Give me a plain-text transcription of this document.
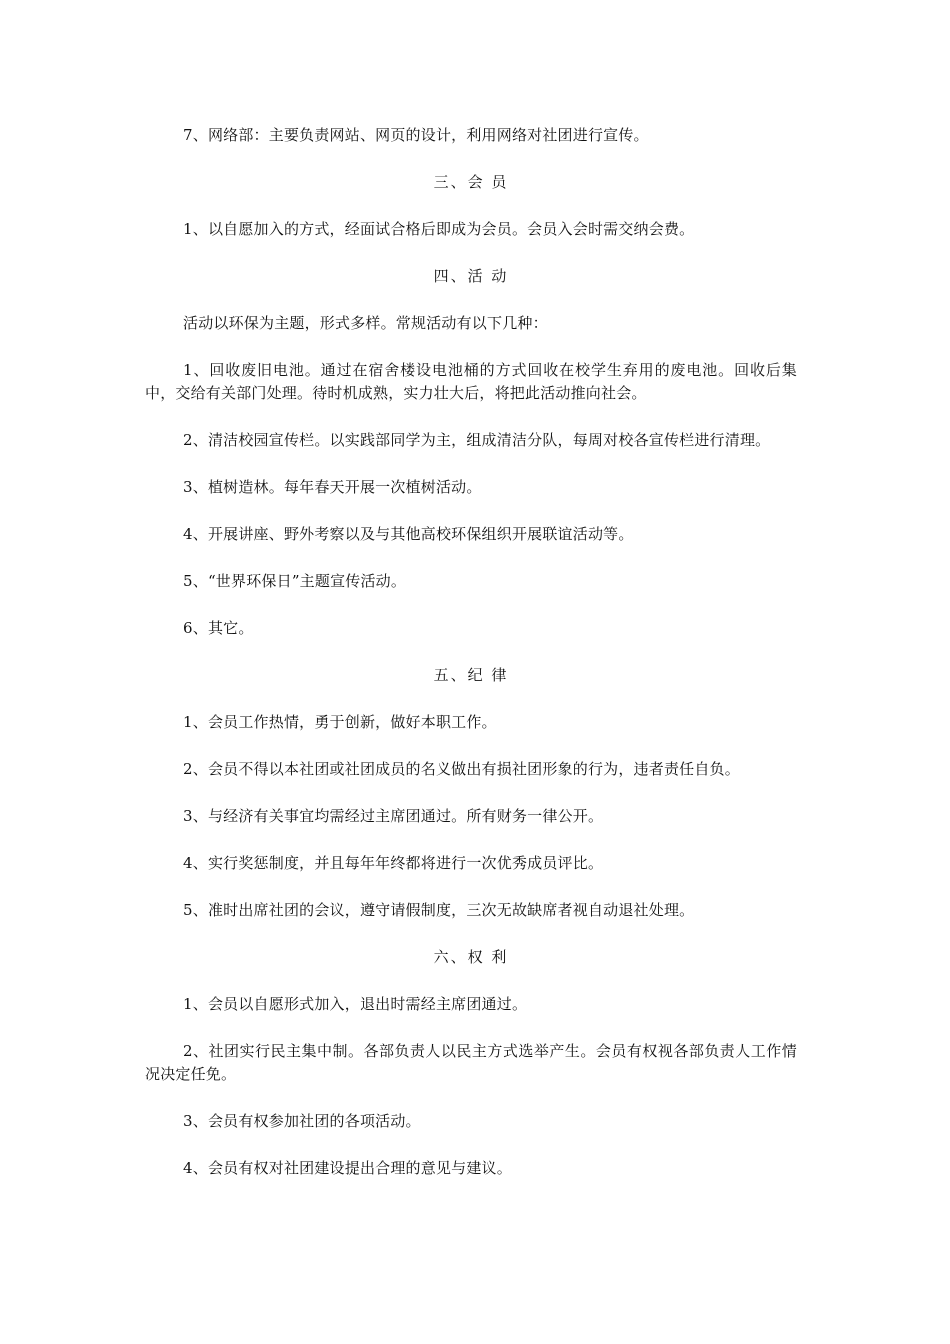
7、网络部：主要负责网站、网页的设计，利用网络对社团进行宣传。

三、会 员

1、以自愿加入的方式，经面试合格后即成为会员。会员入会时需交纳会费。

四、活 动

活动以环保为主题，形式多样。常规活动有以下几种：

1、回收废旧电池。通过在宿舍楼设电池桶的方式回收在校学生弃用的废电池。回收后集中，交给有关部门处理。待时机成熟，实力壮大后，将把此活动推向社会。

2、清洁校园宣传栏。以实践部同学为主，组成清洁分队，每周对校各宣传栏进行清理。

3、植树造林。每年春天开展一次植树活动。

4、开展讲座、野外考察以及与其他高校环保组织开展联谊活动等。

5、“世界环保日”主题宣传活动。

6、其它。

五、纪 律

1、会员工作热情，勇于创新，做好本职工作。

2、会员不得以本社团或社团成员的名义做出有损社团形象的行为，违者责任自负。

3、与经济有关事宜均需经过主席团通过。所有财务一律公开。

4、实行奖惩制度，并且每年年终都将进行一次优秀成员评比。

5、准时出席社团的会议，遵守请假制度，三次无故缺席者视自动退社处理。

六、权 利

1、会员以自愿形式加入，退出时需经主席团通过。

2、社团实行民主集中制。各部负责人以民主方式选举产生。会员有权视各部负责人工作情况决定任免。

3、会员有权参加社团的各项活动。

4、会员有权对社团建设提出合理的意见与建议。
